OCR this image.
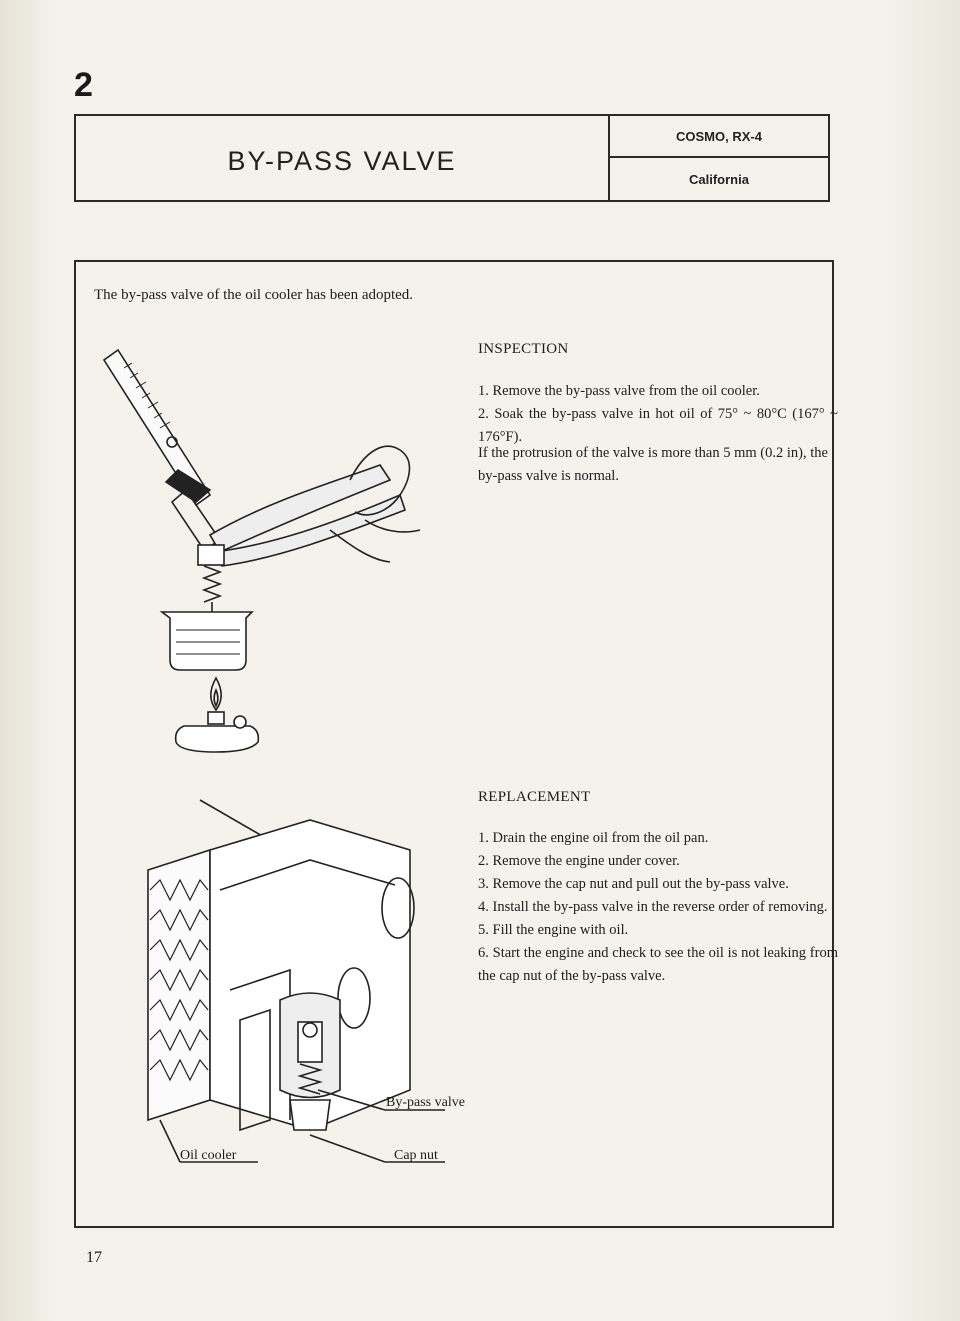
2
BY-PASS VALVE
COSMO, RX-4
California
The by-pass valve of the oil cooler has been adopted.
INSPECTION
1. Remove the by-pass valve from the oil cooler.
2. Soak the by-pass valve in hot oil of 75° ~ 80°C (167° ~ 176°F).
If the protrusion of the valve is more than 5 mm (0.2 in), the by-pass valve is normal.
REPLACEMENT
1. Drain the engine oil from the oil pan.
2. Remove the engine under cover.
3. Remove the cap nut and pull out the by-pass valve.
4. Install the by-pass valve in the reverse order of removing.
5. Fill the engine with oil.
6. Start the engine and check to see the oil is not leaking from the cap nut of the by-pass valve.
By-pass valve
Oil cooler	Cap nut
17
